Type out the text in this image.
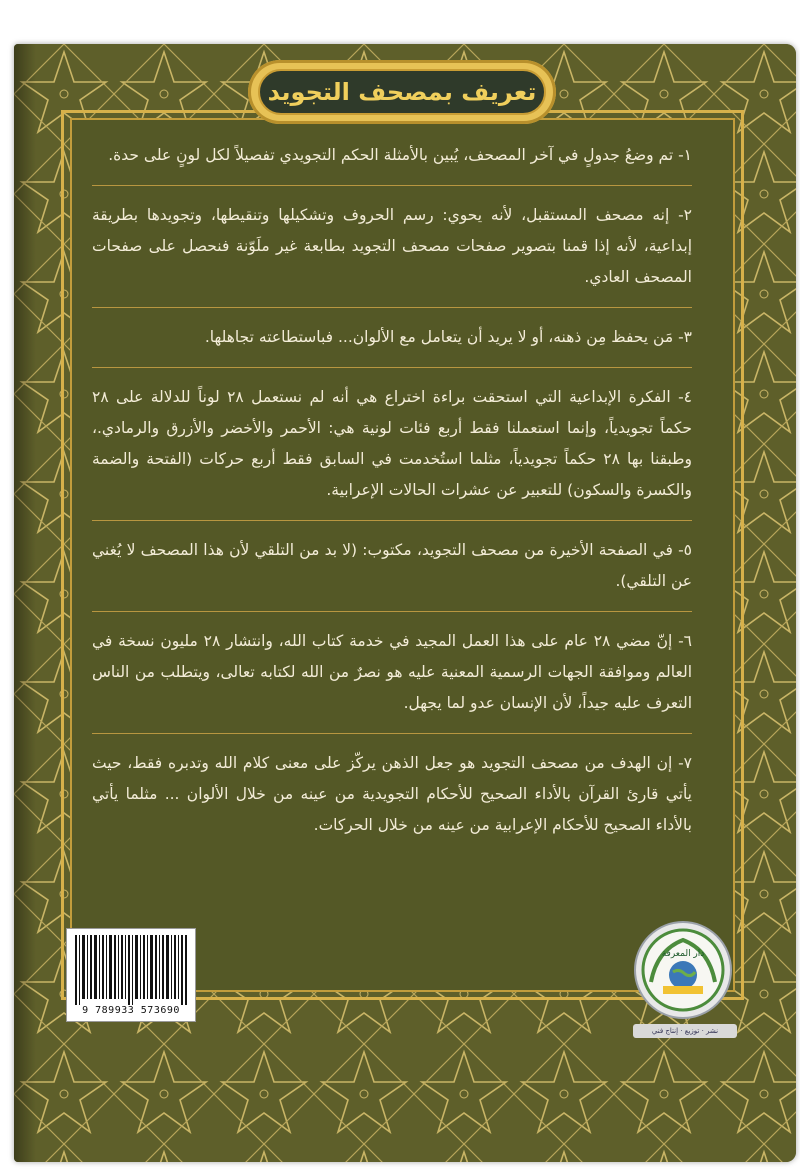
١- تم وضعُ جدولٍ في آخر المصحف، يُبين بالأمثلة الحكم التجويدي تفصيلاً لكل لونٍ على حدة.

٢- إنه مصحف المستقبل، لأنه يحوي: رسم الحروف وتشكيلها وتنقيطها، وتجويدها بطريقة إبداعية، لأنه إذا قمنا بتصوير صفحات مصحف التجويد بطابعة غير ملَوّنة فنحصل على صفحات المصحف العادي.

٣- مَن يحفظ مِن ذهنه، أو لا يريد أن يتعامل مع الألوان... فباستطاعته تجاهلها.

٤- الفكرة الإبداعية التي استحقت براءة اختراع هي أنه لم نستعمل ٢٨ لوناً للدلالة على ٢٨ حكماً تجويدياً، وإنما استعملنا فقط أربع فئات لونية هي: الأحمر والأخضر والأزرق والرمادي.، وطبقنا بها ٢٨ حكماً تجويدياً، مثلما استُخدمت في السابق فقط أربع حركات (الفتحة والضمة والكسرة والسكون) للتعبير عن عشرات الحالات الإعرابية.

٥- في الصفحة الأخيرة من مصحف التجويد، مكتوب: (لا بد من التلقي لأن هذا المصحف لا يُغني عن التلقي).

٦- إنّ مضي ٢٨ عام على هذا العمل المجيد في خدمة كتاب الله، وانتشار ٢٨ مليون نسخة في العالم وموافقة الجهات الرسمية المعنية عليه هو نصرٌ من الله لكتابه تعالى، ويتطلب من الناس التعرف عليه جيداً، لأن الإنسان عدو لما يجهل.

٧- إن الهدف من مصحف التجويد هو جعل الذهن يركّز على معنى كلام الله وتدبره فقط، حيث يأتي قارئ القرآن بالأداء الصحيح للأحكام التجويدية من عينه من خلال الألوان ... مثلما يأتي بالأداء الصحيح للأحكام الإعرابية من عينه من خلال الحركات.

تعريف بمصحف التجويد
9 789933 573690
دار المعرفة
نشر · توزيع · إنتاج فني
